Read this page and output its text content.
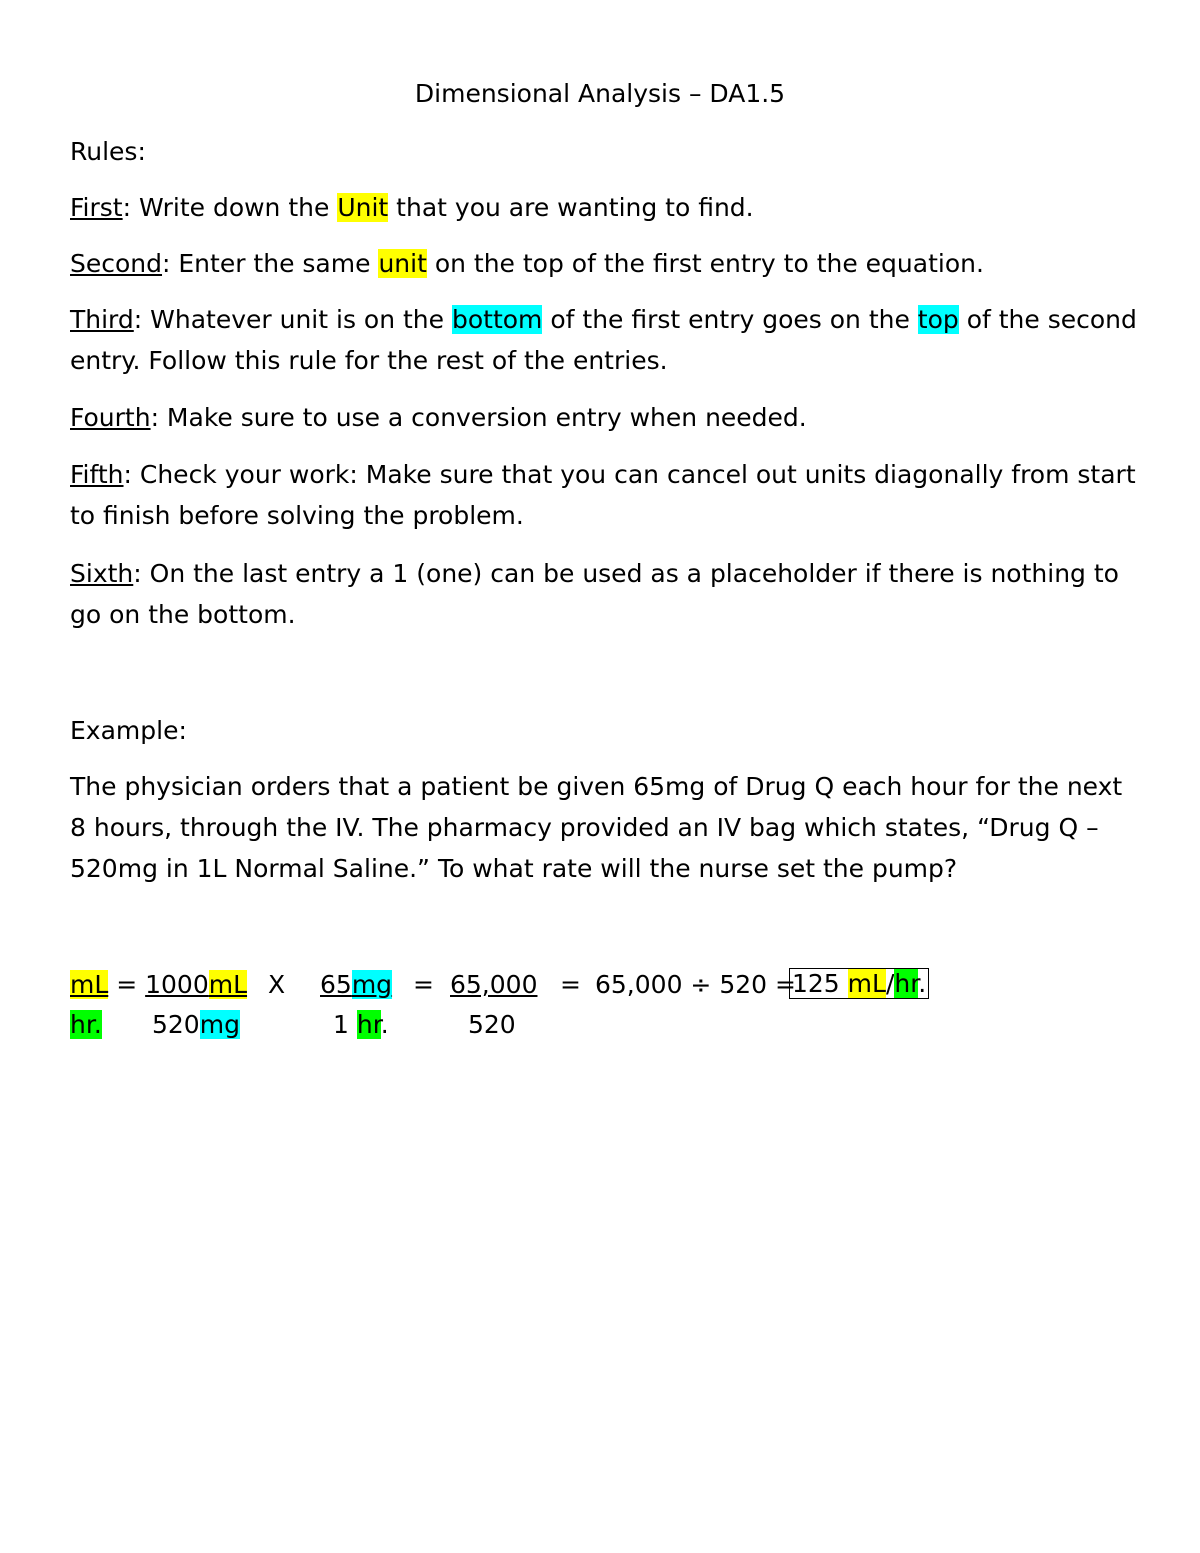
Dimensional Analysis – DA1.5
Rules:
First: Write down the Unit that you are wanting to find.
Second: Enter the same unit on the top of the first entry to the equation.
Third: Whatever unit is on the bottom of the first entry goes on the top of the second entry. Follow this rule for the rest of the entries.
Fourth: Make sure to use a conversion entry when needed.
Fifth: Check your work: Make sure that you can cancel out units diagonally from start to finish before solving the problem.
Sixth: On the last entry a 1 (one) can be used as a placeholder if there is nothing to go on the bottom.
Example:
The physician orders that a patient be given 65mg of Drug Q each hour for the next 8 hours, through the IV. The pharmacy provided an IV bag which states, “Drug Q – 520mg in 1L Normal Saline.” To what rate will the nurse set the pump?
mL = 1000mL X 65mg = 65,000 = 65,000 ÷ 520 =
125 mL/hr.
hr. 520mg	1 hr.	520
